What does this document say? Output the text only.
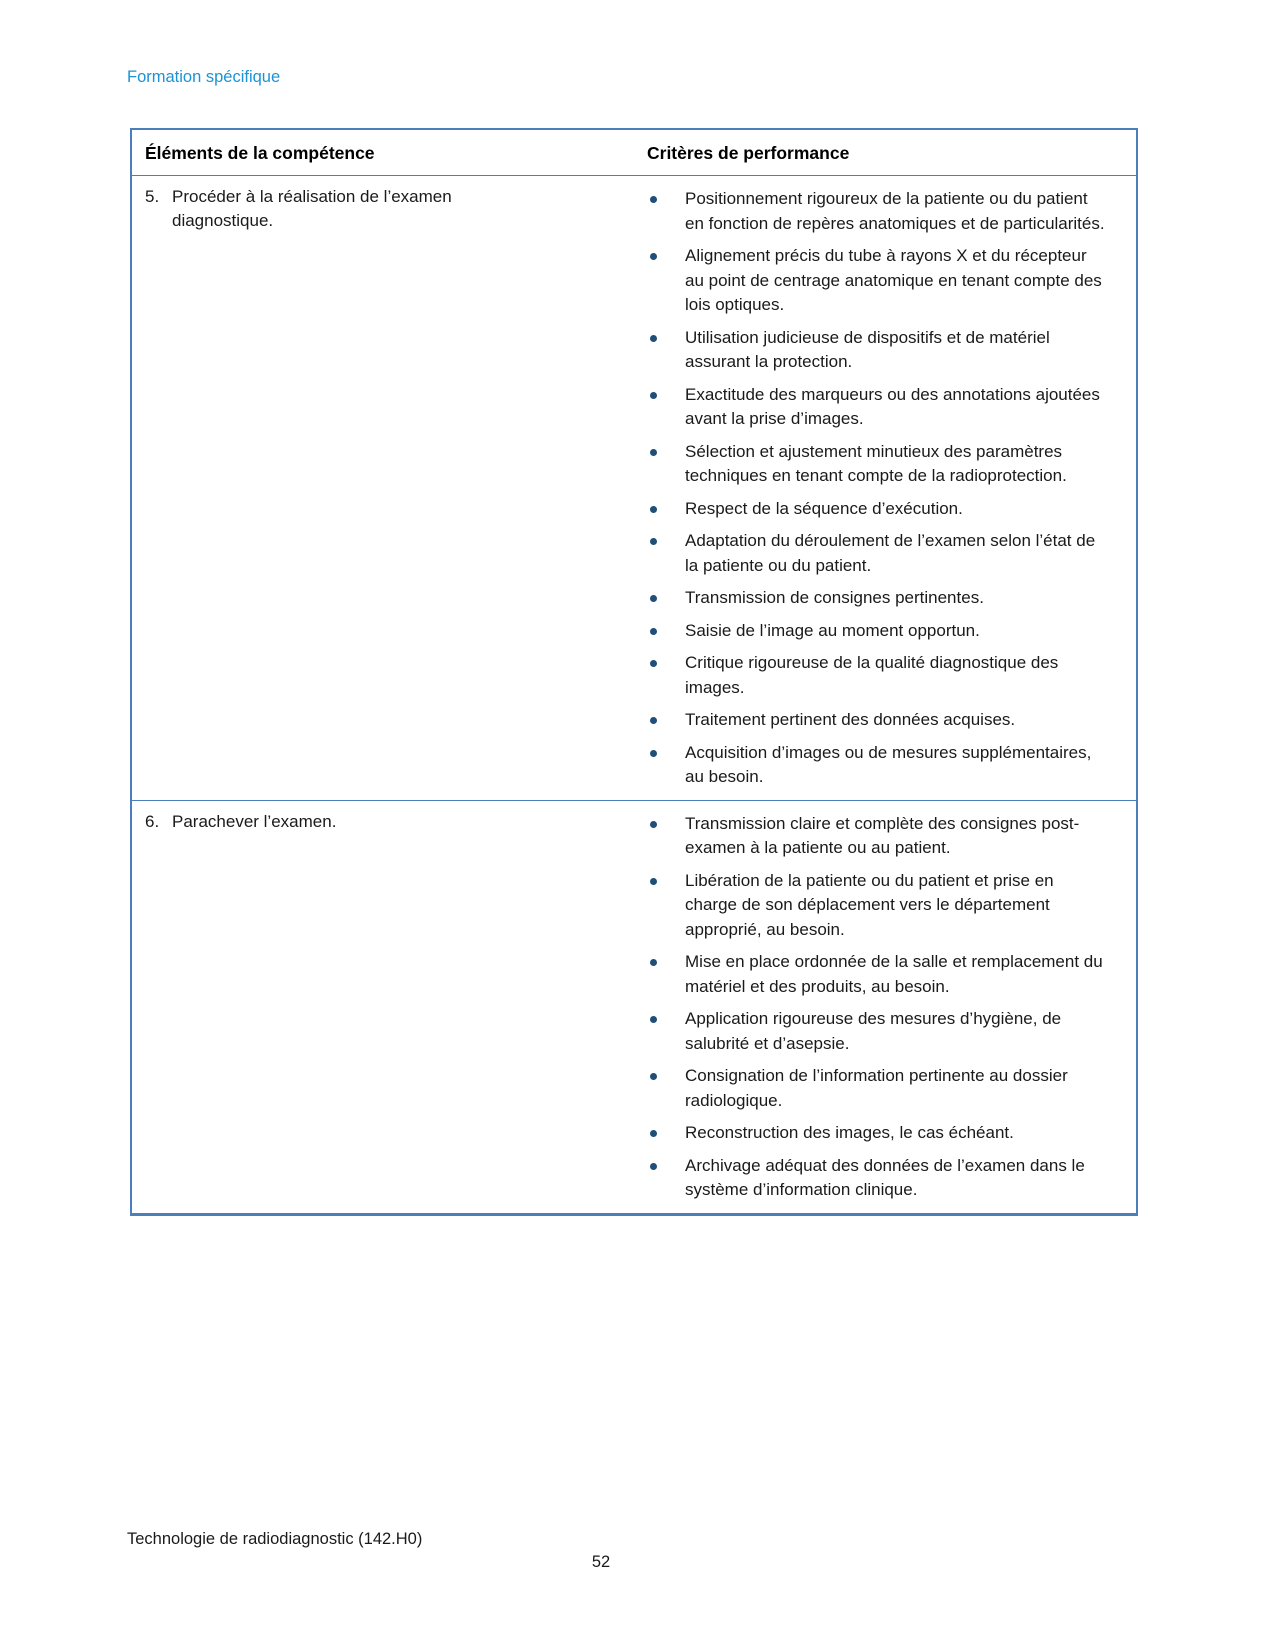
Formation spécifique
Éléments de la compétence	Critères de performance
5. Procéder à la réalisation de l’examen diagnostique.
Positionnement rigoureux de la patiente ou du patient en fonction de repères anatomiques et de particularités.
Alignement précis du tube à rayons X et du récepteur au point de centrage anatomique en tenant compte des lois optiques.
Utilisation judicieuse de dispositifs et de matériel assurant la protection.
Exactitude des marqueurs ou des annotations ajoutées avant la prise d’images.
Sélection et ajustement minutieux des paramètres techniques en tenant compte de la radioprotection.
Respect de la séquence d’exécution.
Adaptation du déroulement de l’examen selon l’état de la patiente ou du patient.
Transmission de consignes pertinentes.
Saisie de l’image au moment opportun.
Critique rigoureuse de la qualité diagnostique des images.
Traitement pertinent des données acquises.
Acquisition d’images ou de mesures supplémentaires, au besoin.
6. Parachever l’examen.	Transmission claire et complète des consignes post-examen à la patiente ou au patient.
Libération de la patiente ou du patient et prise en charge de son déplacement vers le département approprié, au besoin.
Mise en place ordonnée de la salle et remplacement du matériel et des produits, au besoin.
Application rigoureuse des mesures d’hygiène, de salubrité et d’asepsie.
Consignation de l’information pertinente au dossier radiologique.
Reconstruction des images, le cas échéant.
Archivage adéquat des données de l’examen dans le système d’information clinique.
Technologie de radiodiagnostic (142.H0)
52
